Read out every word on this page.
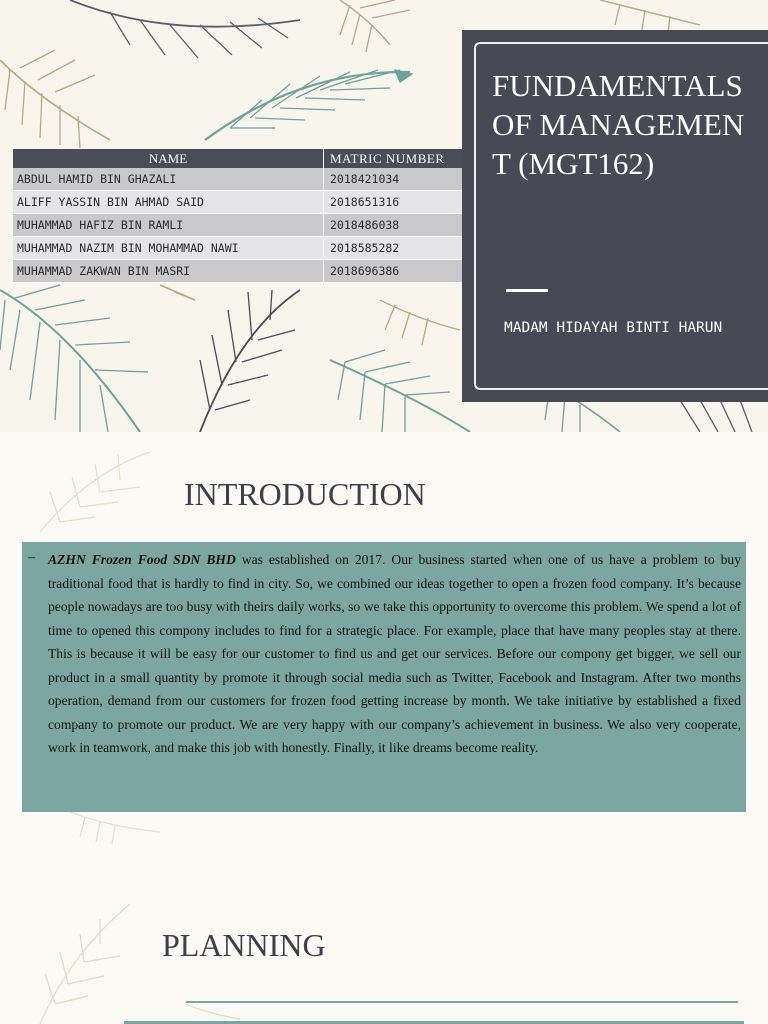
NAME	MATRIC NUMBER
ABDUL HAMID BIN GHAZALI	2018421034
ALIFF YASSIN BIN AHMAD SAID	2018651316
MUHAMMAD HAFIZ BIN RAMLI	2018486038
MUHAMMAD NAZIM BIN MOHAMMAD NAWI	2018585282
MUHAMMAD ZAKWAN BIN MASRI	2018696386
FUNDAMENTALS OF MANAGEMENT (MGT162)
MADAM HIDAYAH BINTI HARUN
INTRODUCTION
– AZHN Frozen Food SDN BHD was established on 2017. Our business started when one of us have a problem to buy traditional food that is hardly to find in city. So, we combined our ideas together to open a frozen food company. It’s because people nowadays are too busy with theirs daily works, so we take this opportunity to overcome this problem. We spend a lot of time to opened this compony includes to find for a strategic place. For example, place that have many peoples stay at there. This is because it will be easy for our customer to find us and get our services. Before our compony get bigger, we sell our product in a small quantity by promote it through social media such as Twitter, Facebook and Instagram. After two months operation, demand from our customers for frozen food getting increase by month. We take initiative by established a fixed company to promote our product. We are very happy with our company’s achievement in business. We also very cooperate, work in teamwork, and make this job with honestly. Finally, it like dreams become reality.
PLANNING
